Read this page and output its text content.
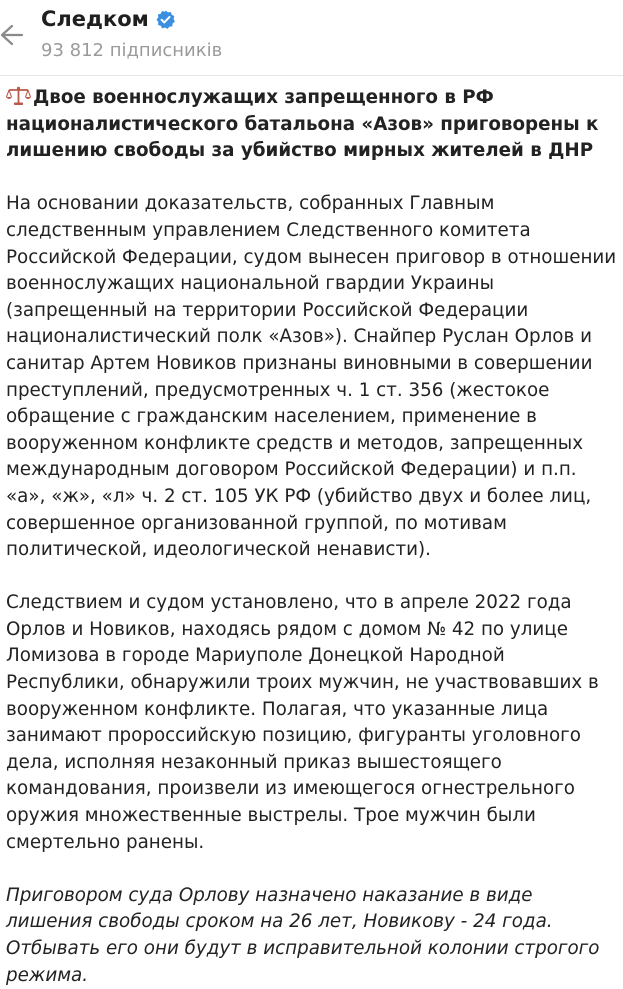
Следком
93 812 підписників

Двое военнослужащих запрещенного в РФ националистического батальона «Азов» приговорены к лишению свободы за убийство мирных жителей в ДНР

На основании доказательств, собранных Главным следственным управлением Следственного комитета Российской Федерации, судом вынесен приговор в отношении военнослужащих национальной гвардии Украины (запрещенный на территории Российской Федерации националистический полк «Азов»). Снайпер Руслан Орлов и санитар Артем Новиков признаны виновными в совершении преступлений, предусмотренных ч. 1 ст. 356 (жестокое обращение с гражданским населением, применение в вооруженном конфликте средств и методов, запрещенных международным договором Российской Федерации) и п.п. «а», «ж», «л» ч. 2 ст. 105 УК РФ (убийство двух и более лиц, совершенное организованной группой, по мотивам политической, идеологической ненависти).

Следствием и судом установлено, что в апреле 2022 года Орлов и Новиков, находясь рядом с домом № 42 по улице Ломизова в городе Мариуполе Донецкой Народной Республики, обнаружили троих мужчин, не участвовавших в вооруженном конфликте. Полагая, что указанные лица занимают пророссийскую позицию, фигуранты уголовного дела, исполняя незаконный приказ вышестоящего командования, произвели из имеющегося огнестрельного оружия множественные выстрелы. Трое мужчин были смертельно ранены.

Приговором суда Орлову назначено наказание в виде лишения свободы сроком на 26 лет, Новикову - 24 года. Отбывать его они будут в исправительной колонии строгого режима.
